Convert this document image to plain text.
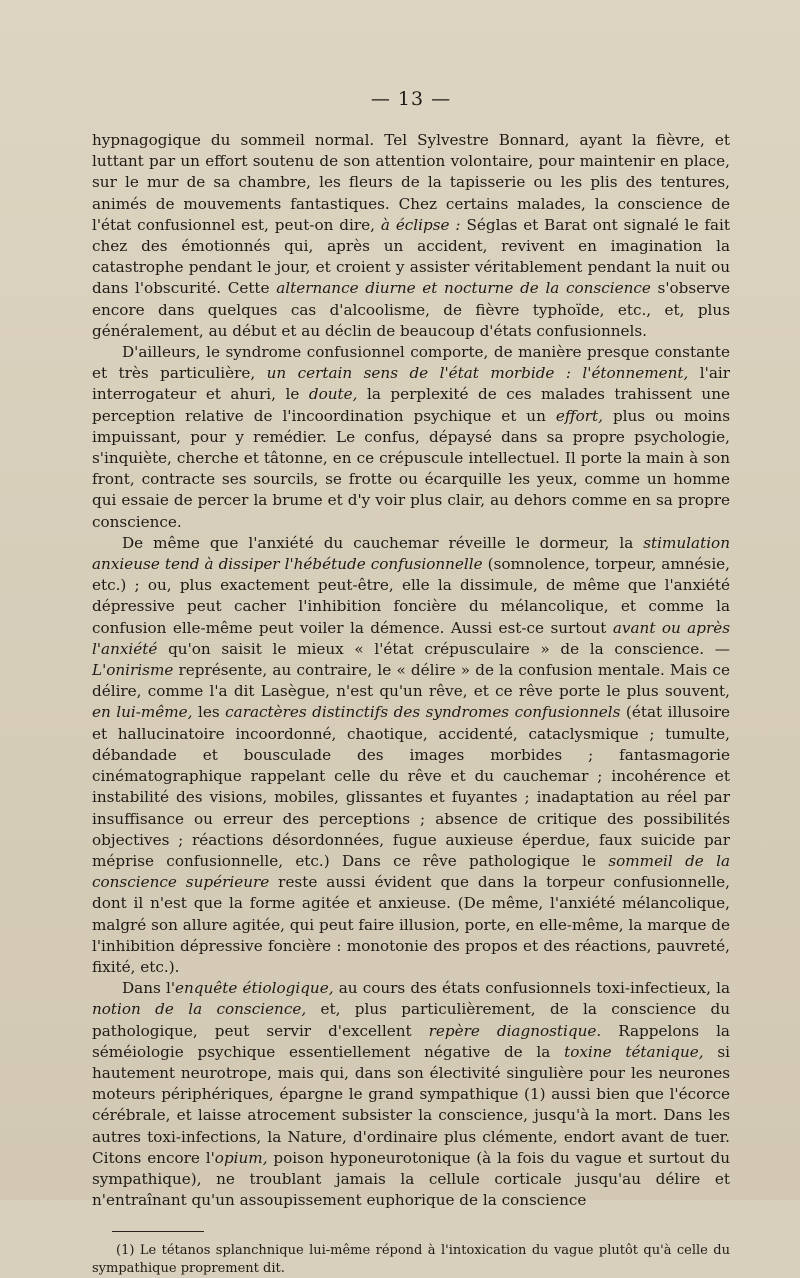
— 13 —

hypnagogique du sommeil normal. Tel Sylvestre Bonnard, ayant la fièvre, et luttant par un effort soutenu de son attention volontaire, pour maintenir en place, sur le mur de sa chambre, les fleurs de la tapisserie ou les plis des tentures, animés de mouvements fantastiques. Chez certains malades, la conscience de l'état confusionnel est, peut-on dire, à éclipse : Séglas et Barat ont signalé le fait chez des émotionnés qui, après un accident, revivent en imagination la catastrophe pendant le jour, et croient y assister véritablement pendant la nuit ou dans l'obscurité. Cette alternance diurne et nocturne de la conscience s'observe encore dans quelques cas d'alcoolisme, de fièvre typhoïde, etc., et, plus généralement, au début et au déclin de beaucoup d'états confusionnels.

D'ailleurs, le syndrome confusionnel comporte, de manière presque constante et très particulière, un certain sens de l'état morbide : l'étonnement, l'air interrogateur et ahuri, le doute, la perplexité de ces malades trahissent une perception relative de l'incoordination psychique et un effort, plus ou moins impuissant, pour y remédier. Le confus, dépaysé dans sa propre psychologie, s'inquiète, cherche et tâtonne, en ce crépuscule intellectuel. Il porte la main à son front, contracte ses sourcils, se frotte ou écarquille les yeux, comme un homme qui essaie de percer la brume et d'y voir plus clair, au dehors comme en sa propre conscience.

De même que l'anxiété du cauchemar réveille le dormeur, la stimulation anxieuse tend à dissiper l'hébétude confusionnelle (somnolence, torpeur, amnésie, etc.) ; ou, plus exactement peut-être, elle la dissimule, de même que l'anxiété dépressive peut cacher l'inhibition foncière du mélancolique, et comme la confusion elle-même peut voiler la démence. Aussi est-ce surtout avant ou après l'anxiété qu'on saisit le mieux « l'état crépusculaire » de la conscience. — L'onirisme représente, au contraire, le « délire » de la confusion mentale. Mais ce délire, comme l'a dit Lasègue, n'est qu'un rêve, et ce rêve porte le plus souvent, en lui-même, les caractères distinctifs des syndromes confusionnels (état illusoire et hallucinatoire incoordonné, chaotique, accidenté, cataclysmique ; tumulte, débandade et bousculade des images morbides ; fantasmagorie cinématographique rappelant celle du rêve et du cauchemar ; incohérence et instabilité des visions, mobiles, glissantes et fuyantes ; inadaptation au réel par insuffisance ou erreur des perceptions ; absence de critique des possibilités objectives ; réactions désordonnées, fugue auxieuse éperdue, faux suicide par méprise confusionnelle, etc.) Dans ce rêve pathologique le sommeil de la conscience supérieure reste aussi évident que dans la torpeur confusionnelle, dont il n'est que la forme agitée et anxieuse. (De même, l'anxiété mélancolique, malgré son allure agitée, qui peut faire illusion, porte, en elle-même, la marque de l'inhibition dépressive foncière : monotonie des propos et des réactions, pauvreté, fixité, etc.).

Dans l'enquête étiologique, au cours des états confusionnels toxi-infectieux, la notion de la conscience, et, plus particulièrement, de la conscience du pathologique, peut servir d'excellent repère diagnostique. Rappelons la séméiologie psychique essentiellement négative de la toxine tétanique, si hautement neurotrope, mais qui, dans son électivité singulière pour les neurones moteurs périphériques, épargne le grand sympathique (1) aussi bien que l'écorce cérébrale, et laisse atrocement subsister la conscience, jusqu'à la mort. Dans les autres toxi-infections, la Nature, d'ordinaire plus clémente, endort avant de tuer. Citons encore l'opium, poison hyponeurotonique (à la fois du vague et surtout du sympathique), ne troublant jamais la cellule corticale jusqu'au délire et n'entraînant qu'un assoupissement euphorique de la conscience

(1) Le tétanos splanchnique lui-même répond à l'intoxication du vague plutôt qu'à celle du sympathique proprement dit.
